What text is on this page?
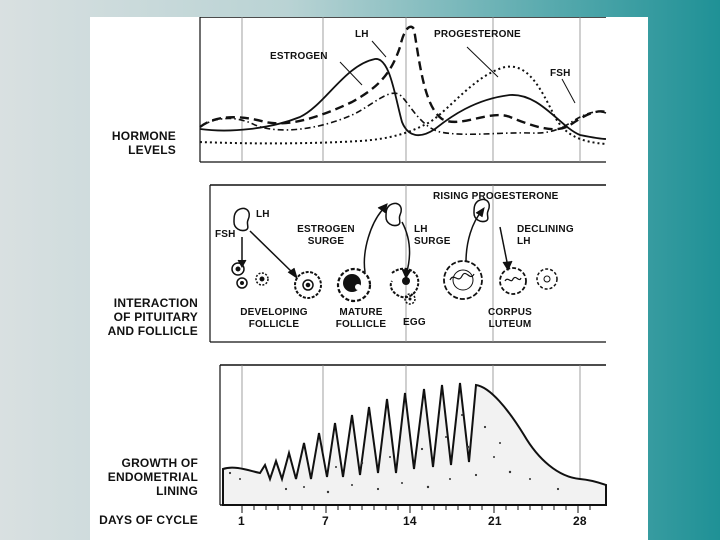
ESTROGEN
LH	PROGESTERONE
FSH
HORMONE
LEVELS
INTERACTION
OF PITUITARY
AND FOLLICLE
GROWTH OF
ENDOMETRIAL
LINING
DAYS OF CYCLE
LH
FSH	ESTROGEN
SURGE
LH
SURGE
RISING PROGESTERONE
DECLINING
LH
DEVELOPING
FOLLICLE
MATURE
FOLLICLE EGG
CORPUS
LUTEUM
1	7	14	21	28
